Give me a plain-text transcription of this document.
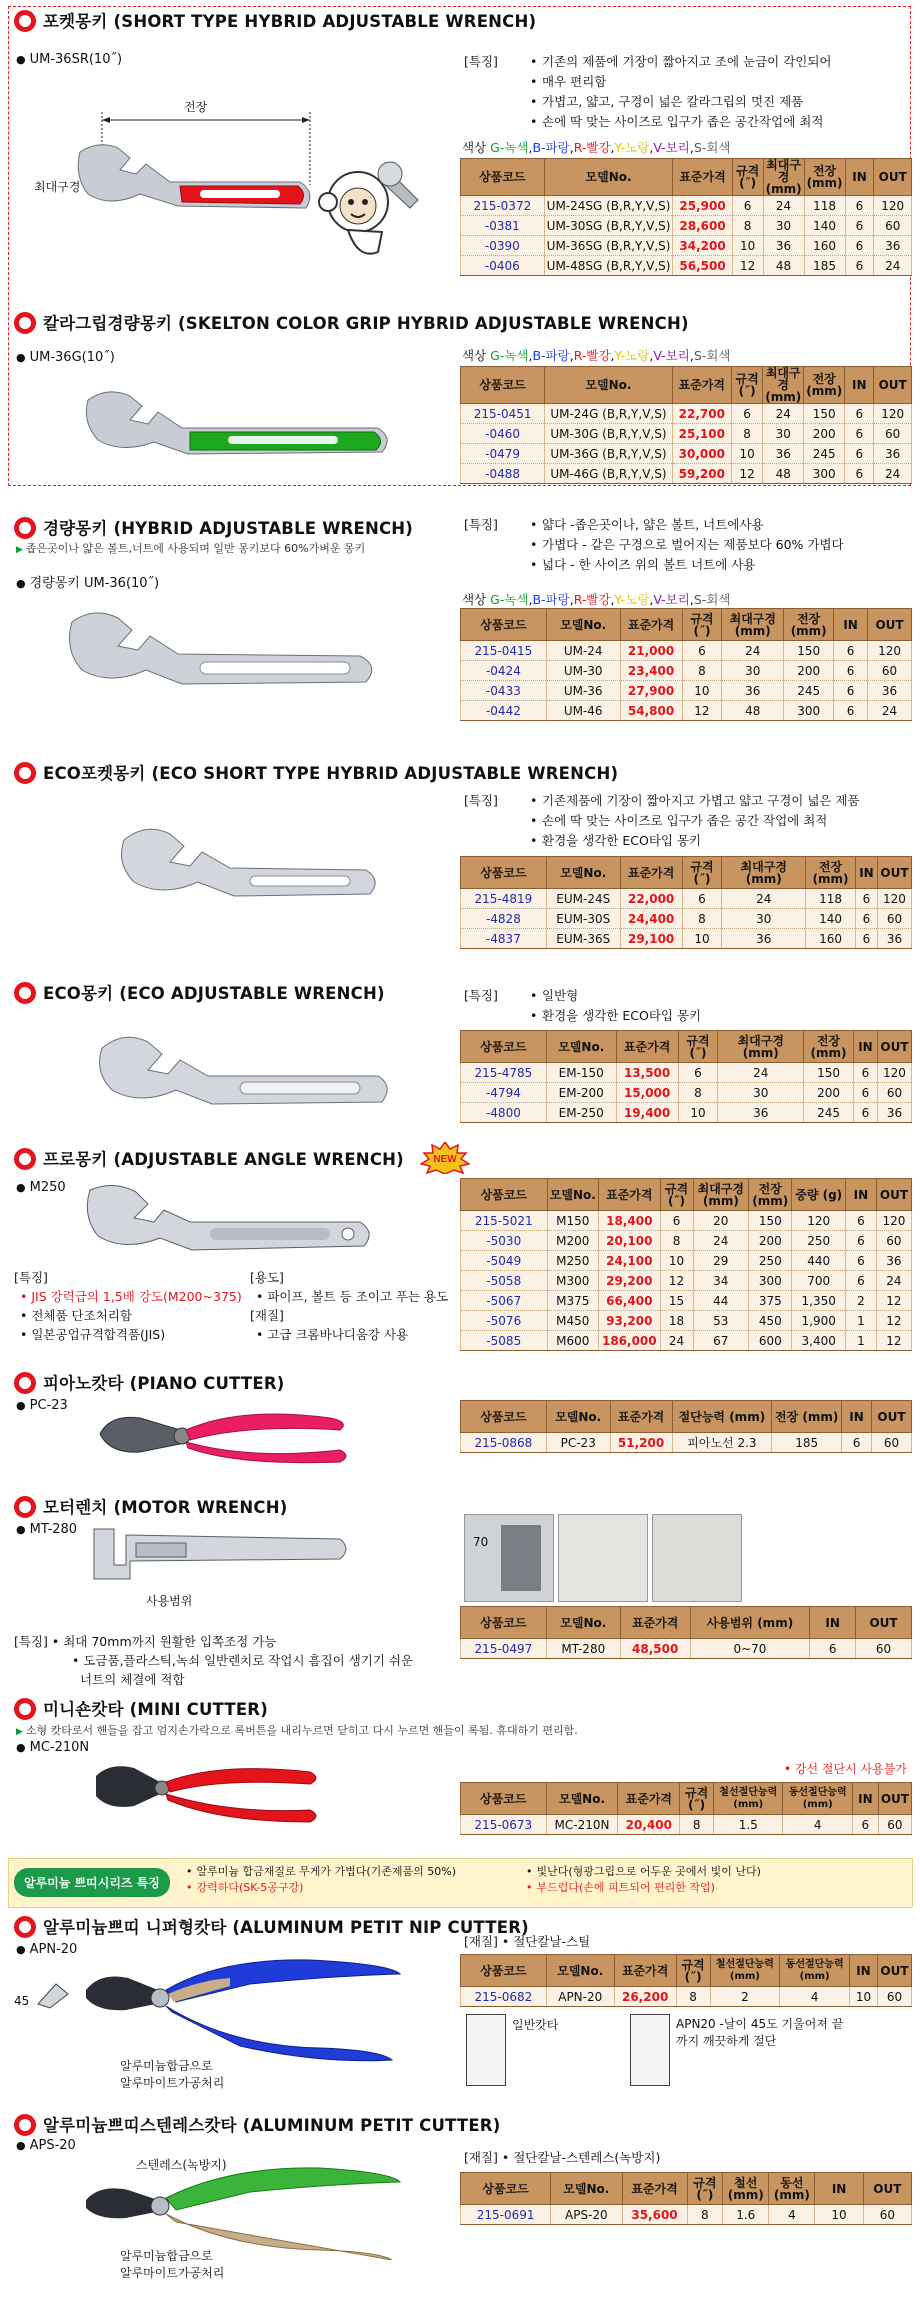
포켓몽키 (SHORT TYPE HYBRID ADJUSTABLE WRENCH)
● UM-36SR(10˝)
전장
최대구경
[특징]	• 기존의 제품에 기장이 짧아지고 조에 눈금이 각인되어
• 매우 편리함
• 가볍고, 얇고, 구경이 넓은 칼라그립의 멋진 제품
• 손에 딱 맞는 사이즈로 입구가 좁은 공간작업에 최적
색상 G-녹색,B-파랑,R-빨강,Y-노랑,V-보리,S-회색
상품코드	모델No.	표준가격	규격 (˝)	최대구경 (mm)	전장 (mm)	IN	OUT
215-0372	UM-24SG (B,R,Y,V,S)	25,900	6	24	118	6	120
-0381	UM-30SG (B,R,Y,V,S)	28,600	8	30	140	6	60
-0390	UM-36SG (B,R,Y,V,S)	34,200	10	36	160	6	36
-0406	UM-48SG (B,R,Y,V,S)	56,500	12	48	185	6	24
칼라그립경량몽키 (SKELTON COLOR GRIP HYBRID ADJUSTABLE WRENCH)
● UM-36G(10˝)	색상 G-녹색,B-파랑,R-빨강,Y-노랑,V-보리,S-회색
상품코드	모델No.	표준가격	규격 (˝)	최대구경 (mm)	전장 (mm)	IN	OUT
215-0451	UM-24G (B,R,Y,V,S)	22,700	6	24	150	6	120
-0460	UM-30G (B,R,Y,V,S)	25,100	8	30	200	6	60
-0479	UM-36G (B,R,Y,V,S)	30,000	10	36	245	6	36
-0488	UM-46G (B,R,Y,V,S)	59,200	12	48	300	6	24
경량몽키 (HYBRID ADJUSTABLE WRENCH)
▶ 좁은곳이나 얇은 볼트,너트에 사용되며 일반 몽키보다 60%가벼운 몽키
● 경량몽키 UM-36(10˝)
[특징]	• 얇다 -좁은곳이나, 얇은 볼트, 너트에사용
• 가볍다 - 같은 구경으로 벌어지는 제품보다 60% 가볍다
• 넓다 - 한 사이즈 위의 볼트 너트에 사용
색상 G-녹색,B-파랑,R-빨강,Y-노랑,V-보리,S-회색
상품코드	모델No.	표준가격	규격 (˝)	최대구경 (mm)	전장 (mm)	IN	OUT
215-0415	UM-24	21,000	6	24	150	6	120
-0424	UM-30	23,400	8	30	200	6	60
-0433	UM-36	27,900	10	36	245	6	36
-0442	UM-46	54,800	12	48	300	6	24
ECO포켓몽키 (ECO SHORT TYPE HYBRID ADJUSTABLE WRENCH)
[특징]	• 기존제품에 기장이 짧아지고 가볍고 얇고 구경이 넓은 제품
• 손에 딱 맞는 사이즈로 입구가 좁은 공간 작업에 최적
• 환경을 생각한 ECO타입 몽키
상품코드	모델No.	표준가격	규격 (˝)	최대구경 (mm)	전장 (mm)	IN	OUT
215-4819	EUM-24S	22,000	6	24	118	6	120
-4828	EUM-30S	24,400	8	30	140	6	60
-4837	EUM-36S	29,100	10	36	160	6	36
ECO몽키 (ECO ADJUSTABLE WRENCH)	[특징]	• 일반형
• 환경을 생각한 ECO타입 몽키
상품코드	모델No.	표준가격	규격 (˝)	최대구경 (mm)	전장 (mm)	IN	OUT
215-4785	EM-150	13,500	6	24	150	6	120
-4794	EM-200	15,000	8	30	200	6	60
-4800	EM-250	19,400	10	36	245	6	36
프로몽키 (ADJUSTABLE ANGLE WRENCH)	NEW
● M250
[특징]
• JIS 강력급의 1,5배 강도(M200~375)
• 전체품 단조처리함
• 일본공업규격합격품(JIS)
[용도]
• 파이프, 볼트 등 조이고 푸는 용도
[재질]
• 고급 크롬바나디움강 사용
상품코드	모델No.	표준가격	규격 (˝)	최대구경 (mm)	전장 (mm)	중량 (g)	IN	OUT
215-5021	M150	18,400	6	20	150	120	6	120
-5030	M200	20,100	8	24	200	250	6	60
-5049	M250	24,100	10	29	250	440	6	36
-5058	M300	29,200	12	34	300	700	6	24
-5067	M375	66,400	15	44	375	1,350	2	12
-5076	M450	93,200	18	53	450	1,900	1	12
-5085	M600	186,000	24	67	600	3,400	1	12
피아노캇타 (PIANO CUTTER)
● PC-23
상품코드	모델No.	표준가격	절단능력 (mm)	전장 (mm)	IN	OUT
215-0868	PC-23	51,200	피아노선 2.3	185	6	60
모터렌치 (MOTOR WRENCH)
● MT-280
사용범위
[특징] • 최대 70mm까지 원활한 입쪽조정 가능
• 도금품,플라스틱,녹쇠 일반렌치로 작업시 흠집이 생기기 쉬운
너트의 체결에 적합
70
상품코드	모델No.	표준가격	사용범위 (mm)	IN	OUT
215-0497	MT-280	48,500	0~70	6	60
미니숀캇타 (MINI CUTTER)
▶ 소형 캇타로서 핸들을 잡고 엄지손가락으로 록버튼을 내리누르면 닫히고 다시 누르면 핸들이 록됨. 휴대하기 편리함.
● MC-210N
• 강선 절단시 사용불가
상품코드	모델No.	표준가격	규격 (˝)	철선절단능력 (mm)	동선절단능력 (mm)	IN	OUT
215-0673	MC-210N	20,400	8	1.5	4	6	60
알루미늄 쁘띠시리즈 특징
• 알루미늄 합금재질로 무게가 가볍다(기존제품의 50%)
• 강력하다(SK-5공구강)
• 빛난다(형광그립으로 어두운 곳에서 빛이 난다)
• 부드럽다(손에 피트되어 편리한 작업)
알루미늄쁘띠 니퍼형캇타 (ALUMINUM PETIT NIP CUTTER)
● APN-20
45
알루미늄합금으로
알루마이트가공처리
[재질] • 절단칼날-스틸
상품코드	모델No.	표준가격	규격 (˝)	철선절단능력 (mm)	동선절단능력 (mm)	IN	OUT
215-0682	APN-20	26,200	8	2	4	10	60
일반캇타	APN20 -날이 45도 기울어져 끝
까지 깨끗하게 절단
알루미늄쁘띠스텐레스캇타 (ALUMINUM PETIT CUTTER)
● APS-20
스텐레스(녹방지)
알루미늄합금으로
알루마이트가공처리
[재질] • 절단칼날-스텐레스(녹방지)
상품코드	모델No.	표준가격	규격 (˝)	철선 (mm)	동선 (mm)	IN	OUT
215-0691	APS-20	35,600	8	1.6	4	10	60
